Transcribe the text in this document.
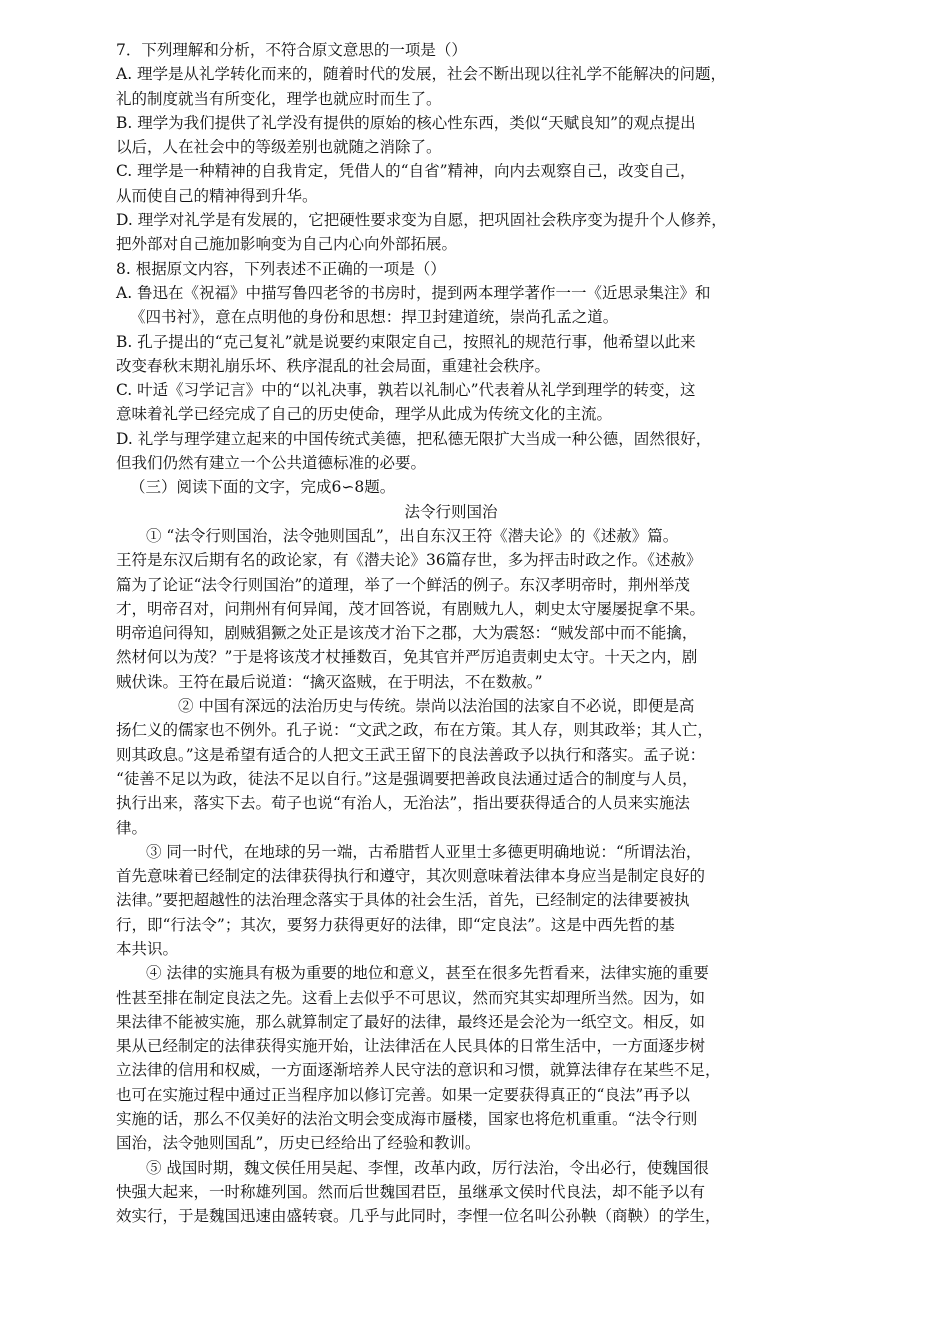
7．下列理解和分析，不符合原文意思的一项是（）
A. 理学是从礼学转化而来的，随着时代的发展，社会不断出现以往礼学不能解决的问题，
礼的制度就当有所变化，理学也就应时而生了。
B. 理学为我们提供了礼学没有提供的原始的核心性东西，类似“天赋良知”的观点提出
以后，人在社会中的等级差别也就随之消除了。
C. 理学是一种精神的自我肯定，凭借人的“自省”精神，向内去观察自己，改变自己，
从而使自己的精神得到升华。
D. 理学对礼学是有发展的，它把硬性要求变为自愿，把巩固社会秩序变为提升个人修养，
把外部对自己施加影响变为自己内心向外部拓展。
8. 根据原文内容，下列表述不正确的一项是（）
A. 鲁迅在《祝福》中描写鲁四老爷的书房时，提到两本理学著作一一《近思录集注》和
《四书衬》，意在点明他的身份和思想：捍卫封建道统，崇尚孔孟之道。
B. 孔子提出的“克己复礼”就是说要约束限定自己，按照礼的规范行事，他希望以此来
改变春秋末期礼崩乐坏、秩序混乱的社会局面，重建社会秩序。
C. 叶适《习学记言》中的“以礼决事，孰若以礼制心”代表着从礼学到理学的转变，这
意味着礼学已经完成了自己的历史使命，理学从此成为传统文化的主流。
D. 礼学与理学建立起来的中国传统式美德，把私德无限扩大当成一种公德，固然很好，
但我们仍然有建立一个公共道德标准的必要。
（三）阅读下面的文字，完成6∽8题。
法令行则国治
① “法令行则国治，法令弛则国乱”，出自东汉王符《潜夫论》的《述赦》篇。
王符是东汉后期有名的政论家，有《潜夫论》36篇存世，多为抨击时政之作。《述赦》
篇为了论证“法令行则国治”的道理，举了一个鲜活的例子。东汉孝明帝时，荆州举茂
才，明帝召对，问荆州有何异闻，茂才回答说，有剧贼九人，刺史太守屡屡捉拿不果。
明帝追问得知，剧贼猖獗之处正是该茂才治下之郡，大为震怒：“贼发部中而不能擒，
然材何以为茂？”于是将该茂才杖捶数百，免其官并严厉追责刺史太守。十天之内，剧
贼伏诛。王符在最后说道：“擒灭盗贼，在于明法，不在数赦。”
② 中国有深远的法治历史与传统。崇尚以法治国的法家自不必说，即便是高
扬仁义的儒家也不例外。孔子说：“文武之政，布在方策。其人存，则其政举；其人亡，
则其政息。”这是希望有适合的人把文王武王留下的良法善政予以执行和落实。孟子说：
“徒善不足以为政，徒法不足以自行。”这是强调要把善政良法通过适合的制度与人员，
执行出来，落实下去。荀子也说“有治人，无治法”，指出要获得适合的人员来实施法
律。
③ 同一时代，在地球的另一端，古希腊哲人亚里士多德更明确地说：“所谓法治，
首先意味着已经制定的法律获得执行和遵守，其次则意味着法律本身应当是制定良好的
法律。”要把超越性的法治理念落实于具体的社会生活，首先，已经制定的法律要被执
行，即“行法令”；其次，要努力获得更好的法律，即“定良法”。这是中西先哲的基
本共识。
④ 法律的实施具有极为重要的地位和意义，甚至在很多先哲看来，法律实施的重要
性甚至排在制定良法之先。这看上去似乎不可思议，然而究其实却理所当然。因为，如
果法律不能被实施，那么就算制定了最好的法律，最终还是会沦为一纸空文。相反，如
果从已经制定的法律获得实施开始，让法律活在人民具体的日常生活中，一方面逐步树
立法律的信用和权威，一方面逐渐培养人民守法的意识和习惯，就算法律存在某些不足，
也可在实施过程中通过正当程序加以修订完善。如果一定要获得真正的“良法”再予以
实施的话，那么不仅美好的法治文明会变成海市蜃楼，国家也将危机重重。“法令行则
国治，法令弛则国乱”，历史已经给出了经验和教训。
⑤ 战国时期，魏文侯任用吴起、李悝，改革内政，厉行法治，令出必行，使魏国很
快强大起来，一时称雄列国。然而后世魏国君臣，虽继承文侯时代良法，却不能予以有
效实行，于是魏国迅速由盛转衰。几乎与此同时，李悝一位名叫公孙鞅（商鞅）的学生，
